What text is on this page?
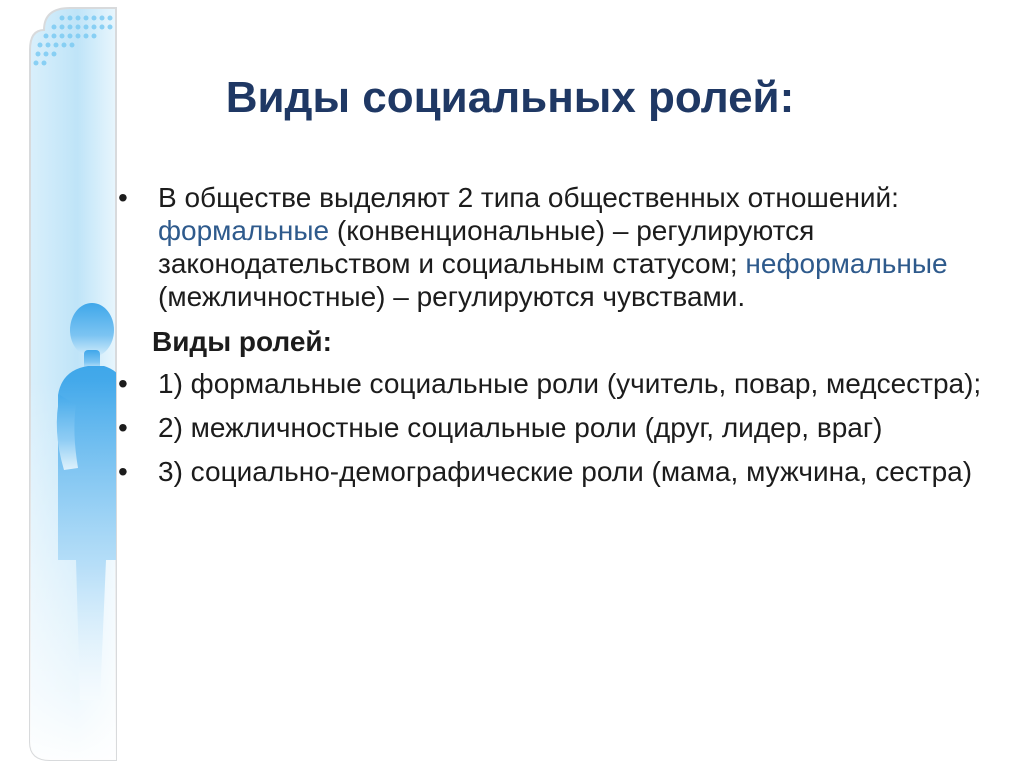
Виды социальных ролей:

• В обществе выделяют 2 типа общественных отношений: формальные (конвенциональные) – регулируются законодательством и социальным статусом; неформальные (межличностные) – регулируются чувствами.

Виды ролей:

• 1) формальные социальные роли (учитель, повар, медсестра);

• 2) межличностные социальные роли (друг, лидер, враг)

• 3) социально-демографические роли (мама, мужчина, сестра)
